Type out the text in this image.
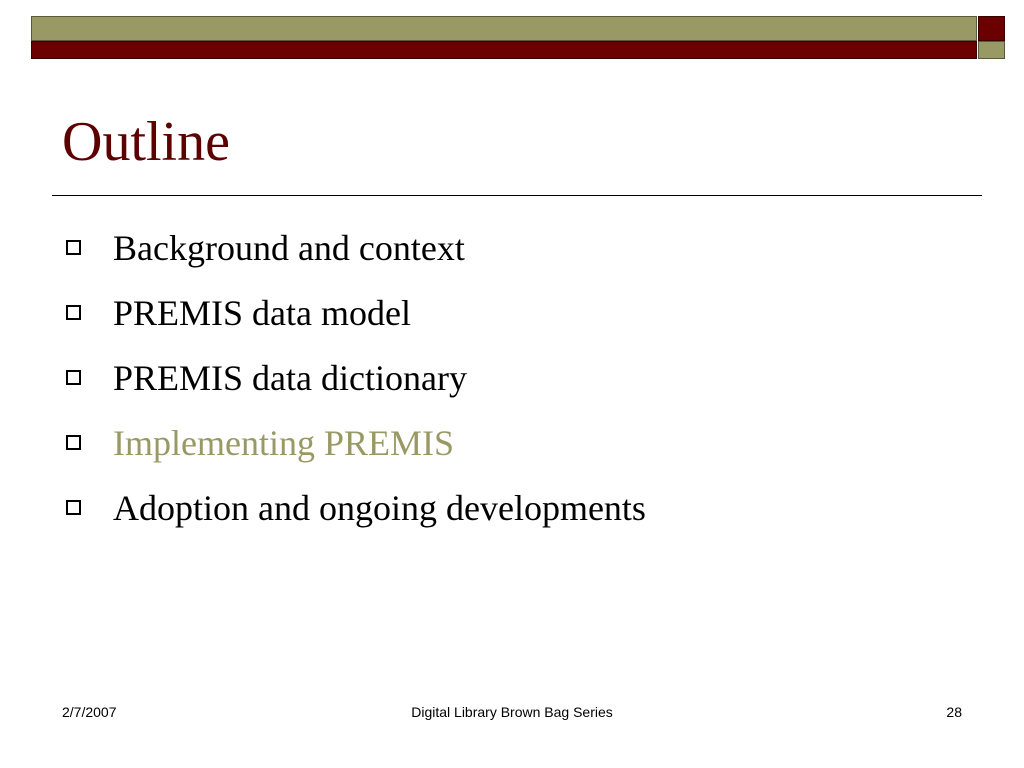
Outline
Background and context
PREMIS data model
PREMIS data dictionary
Implementing PREMIS
Adoption and ongoing developments
2/7/2007	Digital Library Brown Bag Series	28
